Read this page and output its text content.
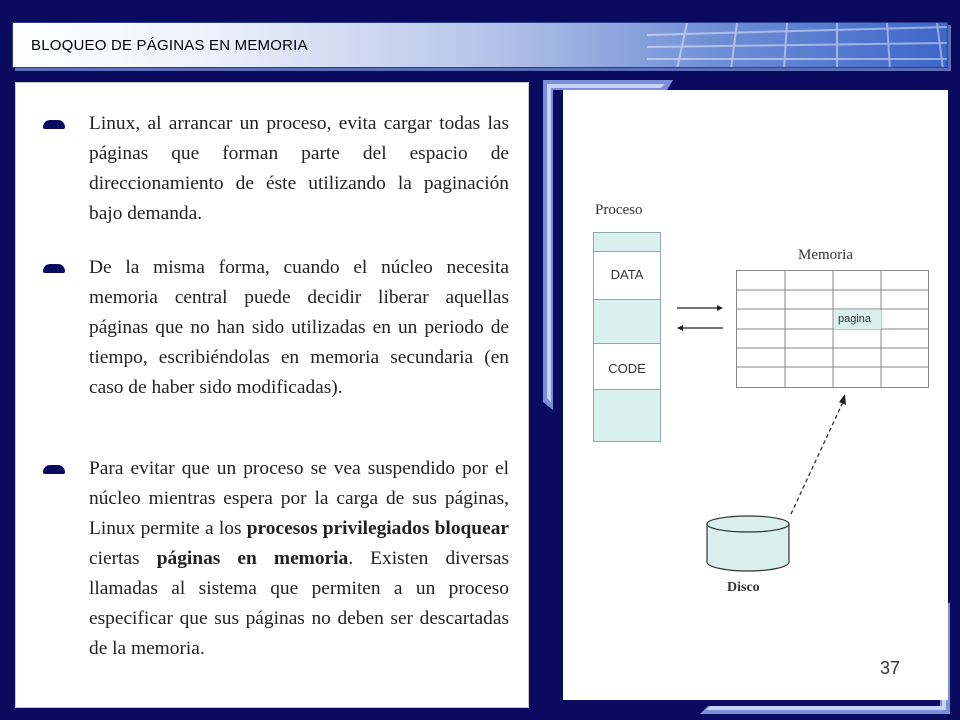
BLOQUEO DE PÁGINAS EN MEMORIA
Linux, al arrancar un proceso, evita cargar todas las páginas que forman parte del espacio de direccionamiento de éste utilizando la paginación bajo demanda.
De la misma forma, cuando el núcleo necesita memoria central puede decidir liberar aquellas páginas que no han sido utilizadas en un periodo de tiempo, escribiéndolas en memoria secundaria (en caso de haber sido modificadas).
Para evitar que un proceso se vea suspendido por el núcleo mientras espera por la carga de sus páginas, Linux permite a los procesos privilegiados bloquear ciertas páginas en memoria. Existen diversas llamadas al sistema que permiten a un proceso especificar que sus páginas no deben ser descartadas de la memoria.
Proceso
DATA
CODE
Memoria
pagina
Disco
37
